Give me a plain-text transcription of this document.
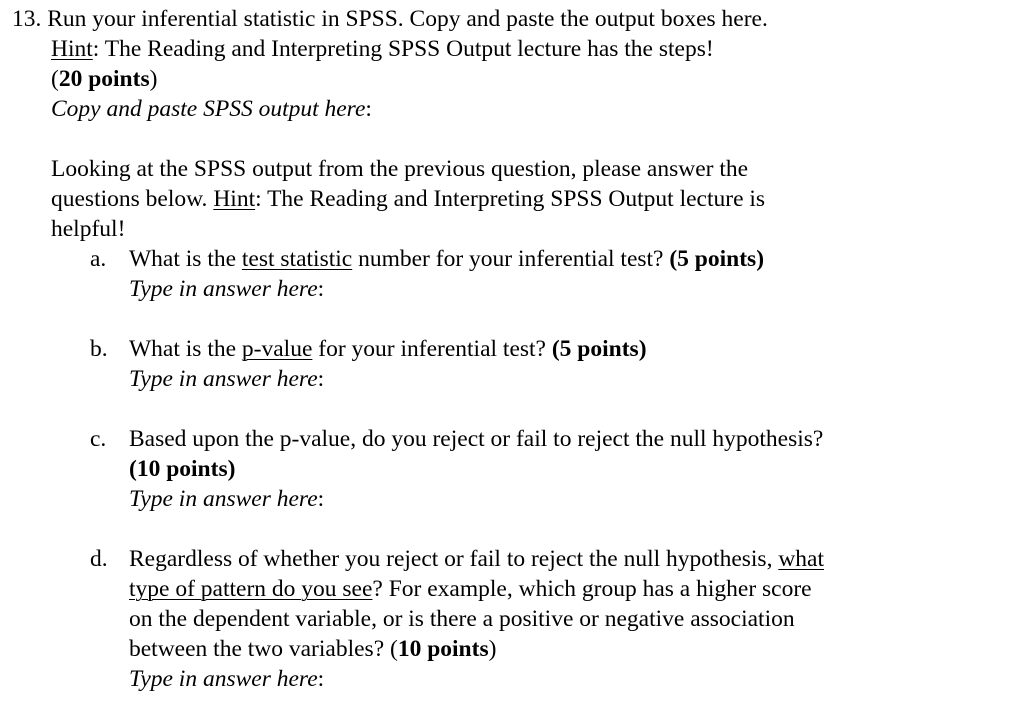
13. Run your inferential statistic in SPSS. Copy and paste the output boxes here.
Hint: The Reading and Interpreting SPSS Output lecture has the steps!
(20 points)
Copy and paste SPSS output here:
Looking at the SPSS output from the previous question, please answer the
questions below. Hint: The Reading and Interpreting SPSS Output lecture is
helpful!
a. What is the test statistic number for your inferential test? (5 points)
Type in answer here:
b. What is the p-value for your inferential test? (5 points)
Type in answer here:
c. Based upon the p-value, do you reject or fail to reject the null hypothesis?
(10 points)
Type in answer here:
d. Regardless of whether you reject or fail to reject the null hypothesis, what
type of pattern do you see? For example, which group has a higher score
on the dependent variable, or is there a positive or negative association
between the two variables? (10 points)
Type in answer here:
